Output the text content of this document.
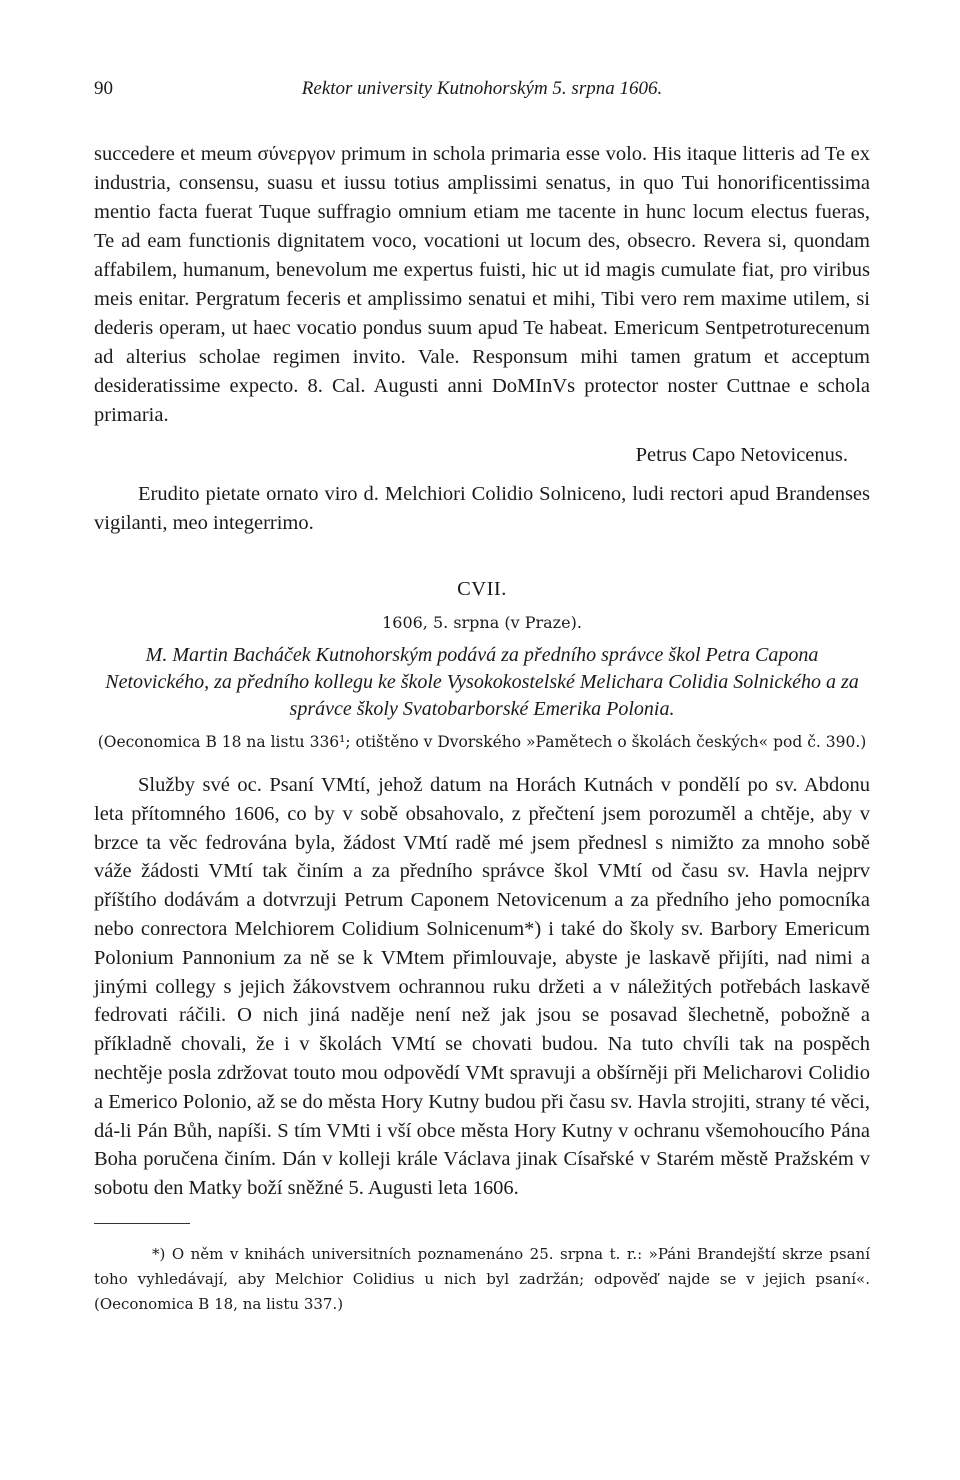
90	Rektor university Kutnohorským 5. srpna 1606.
succedere et meum σύνεργον primum in schola primaria esse volo. His itaque litteris ad Te ex industria, consensu, suasu et iussu totius amplissimi senatus, in quo Tui honorificentissima mentio facta fuerat Tuque suffragio omnium etiam me tacente in hunc locum electus fueras, Te ad eam functionis dignitatem voco, vocationi ut locum des, obsecro. Revera si, quondam affabilem, humanum, benevolum me expertus fuisti, hic ut id magis cumulate fiat, pro viribus meis enitar. Pergratum feceris et amplissimo senatui et mihi, Tibi vero rem maxime utilem, si dederis operam, ut haec vocatio pondus suum apud Te habeat. Emericum Sentpetroturecenum ad alterius scholae regimen invito. Vale. Responsum mihi tamen gratum et acceptum desideratissime expecto. 8. Cal. Augusti anni DoMInVs protector noster Cuttnae e schola primaria.
Petrus Capo Netovicenus.
Erudito pietate ornato viro d. Melchiori Colidio Solniceno, ludi rectori apud Brandenses vigilanti, meo integerrimo.
CVII.
1606, 5. srpna (v Praze).
M. Martin Bacháček Kutnohorským podává za předního správce škol Petra Capona Netovického, za předního kollegu ke škole Vysokokostelské Melichara Colidia Solnického a za správce školy Svatobarborské Emerika Polonia.
(Oeconomica B 18 na listu 336¹; otištěno v Dvorského »Pamětech o školách českých« pod č. 390.)
Služby své oc. Psaní VMtí, jehož datum na Horách Kutnách v pondělí po sv. Abdonu leta přítomného 1606, co by v sobě obsahovalo, z přečtení jsem porozuměl a chtěje, aby v brzce ta věc fedrována byla, žádost VMtí radě mé jsem přednesl s nimižto za mnoho sobě váže žádosti VMtí tak činím a za předního správce škol VMtí od času sv. Havla nejprv příštího dodávám a dotvrzuji Petrum Caponem Netovicenum a za předního jeho pomocníka nebo conrectora Melchiorem Colidium Solnicenum*) i také do školy sv. Barbory Emericum Polonium Pannonium za ně se k VMtem přimlouvaje, abyste je laskavě přijíti, nad nimi a jinými collegy s jejich žákovstvem ochrannou ruku držeti a v náležitých potřebách laskavě fedrovati ráčili. O nich jiná naděje není než jak jsou se posavad šlechetně, pobožně a příkladně chovali, že i v školách VMtí se chovati budou. Na tuto chvíli tak na pospěch nechtěje posla zdržovat touto mou odpovědí VMt spravuji a obšírněji při Melicharovi Colidio a Emerico Polonio, až se do města Hory Kutny budou při času sv. Havla strojiti, strany té věci, dá-li Pán Bůh, napíši. S tím VMti i vší obce města Hory Kutny v ochranu všemohoucího Pána Boha poručena činím. Dán v kolleji krále Václava jinak Císařské v Starém městě Pražském v sobotu den Matky boží sněžné 5. Augusti leta 1606.
*) O něm v knihách universitních poznamenáno 25. srpna t. r.: »Páni Brandejští skrze psaní toho vyhledávají, aby Melchior Colidius u nich byl zadržán; odpověď najde se v jejich psaní«. (Oeconomica B 18, na listu 337.)
